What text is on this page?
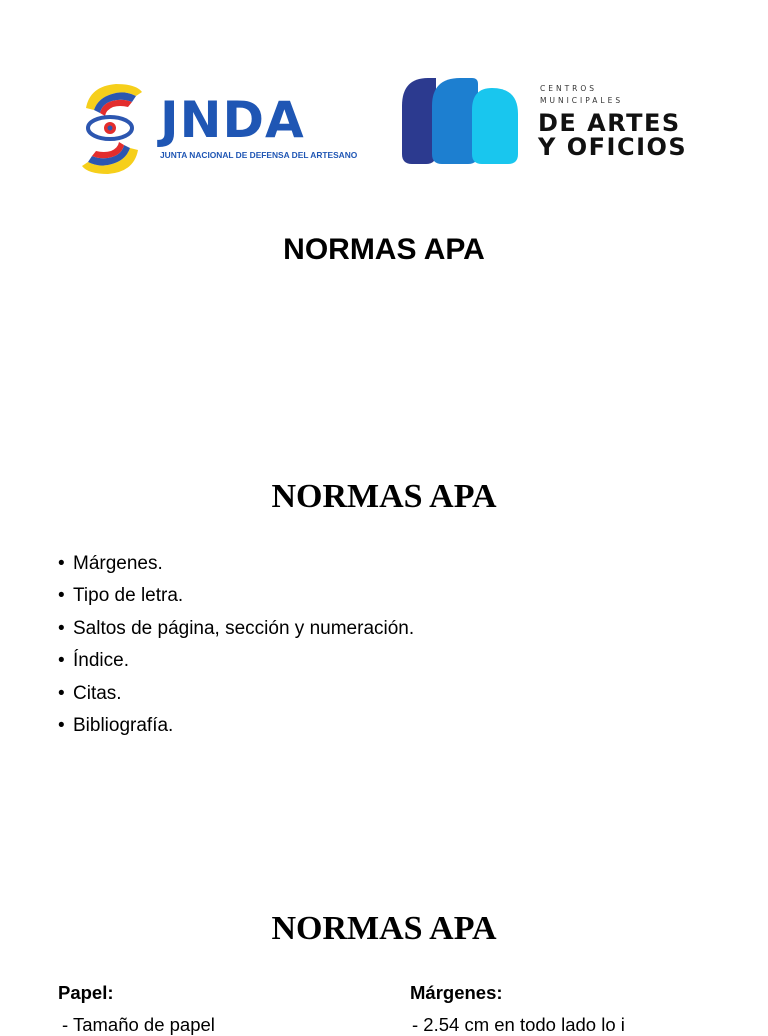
JNDA
JUNTA NACIONAL DE DEFENSA DEL ARTESANO
CENTROS
MUNICIPALES
DE ARTES
Y OFICIOS
NORMAS APA
NORMAS APA
• Márgenes.
• Tipo de letra.
• Saltos de página, sección y numeración.
• Índice.
• Citas.
• Bibliografía.
NORMAS APA
Papel:
- Tamaño de papel
Márgenes:
- 2.54 cm en todo lado lo i
